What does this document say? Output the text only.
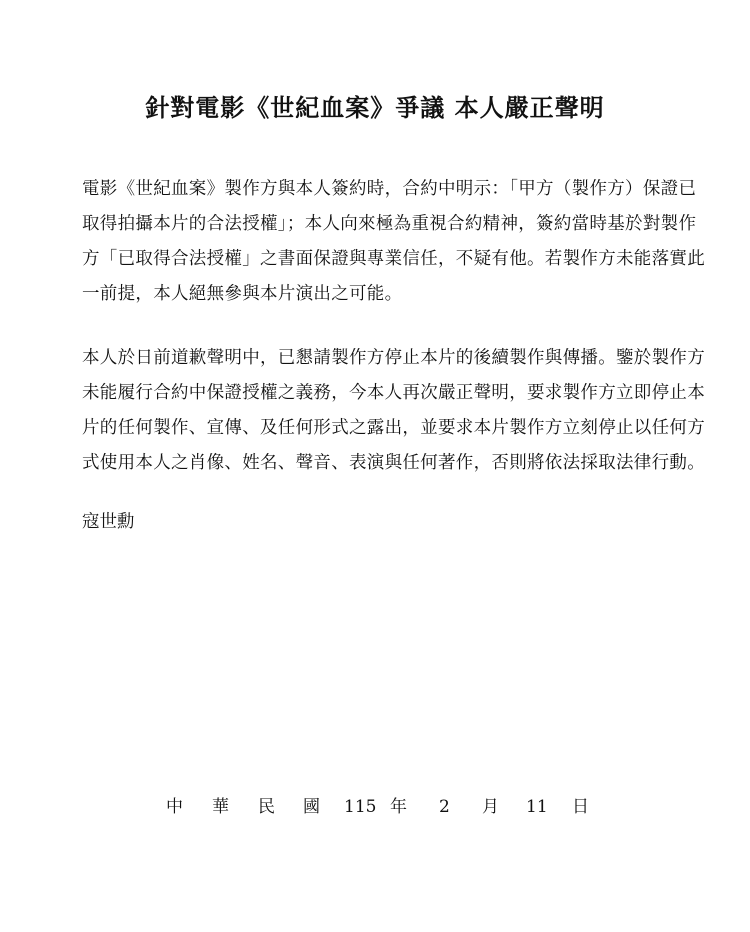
針對電影《世紀血案》爭議 本人嚴正聲明
電影《世紀血案》製作方與本人簽約時，合約中明示：「甲方（製作方）保證已
取得拍攝本片的合法授權」；本人向來極為重視合約精神，簽約當時基於對製作
方「已取得合法授權」之書面保證與專業信任，不疑有他。若製作方未能落實此
一前提，本人絕無參與本片演出之可能。
本人於日前道歉聲明中，已懇請製作方停止本片的後續製作與傳播。鑒於製作方
未能履行合約中保證授權之義務，今本人再次嚴正聲明，要求製作方立即停止本
片的任何製作、宣傳、及任何形式之露出，並要求本片製作方立刻停止以任何方
式使用本人之肖像、姓名、聲音、表演與任何著作，否則將依法採取法律行動。
寇世勳
中 華 民 國 115 年 2 月 11 日
